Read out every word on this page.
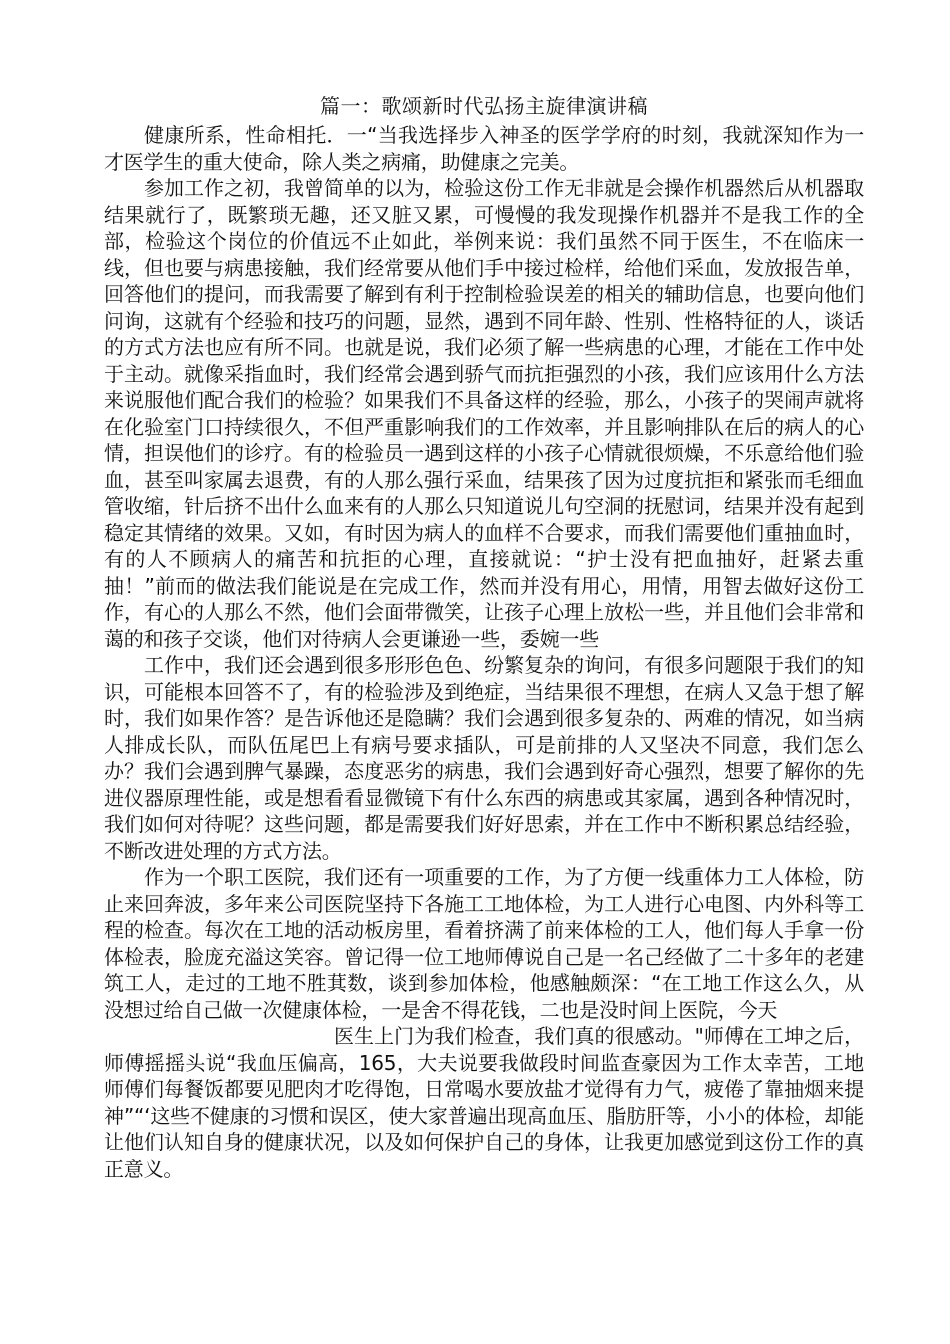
篇一：歌颂新时代弘扬主旋律演讲稿

健康所系，性命相托．一“当我选择步入神圣的医学学府的时刻，我就深知作为一才医学生的重大使命，除人类之病痛，助健康之完美。

参加工作之初，我曾简单的以为，检验这份工作无非就是会操作机器然后从机器取结果就行了，既繁琐无趣，还又脏又累，可慢慢的我发现操作机器并不是我工作的全部，检验这个岗位的价值远不止如此，举例来说：我们虽然不同于医生，不在临床一线，但也要与病患接触，我们经常要从他们手中接过检样，给他们采血，发放报告单，回答他们的提问，而我需要了解到有利于控制检验误差的相关的辅助信息，也要向他们问询，这就有个经验和技巧的问题，显然，遇到不同年龄、性别、性格特征的人，谈话的方式方法也应有所不同。也就是说，我们必须了解一些病患的心理，才能在工作中处于主动。就像采指血时，我们经常会遇到骄气而抗拒强烈的小孩，我们应该用什么方法来说服他们配合我们的检验？如果我们不具备这样的经验，那么，小孩子的哭闹声就将在化验室门口持续很久，不但严重影响我们的工作效率，并且影响排队在后的病人的心情，担误他们的诊疗。有的检验员一遇到这样的小孩子心情就很烦燥，不乐意给他们验血，甚至叫家属去退费，有的人那么强行采血，结果孩了因为过度抗拒和紧张而毛细血管收缩，针后挤不出什么血来有的人那么只知道说儿句空洞的抚慰词，结果并没有起到稳定其情绪的效果。又如，有时因为病人的血样不合要求，而我们需要他们重抽血时，有的人不顾病人的痛苦和抗拒的心理，直接就说：“护士没有把血抽好，赶紧去重抽！”前而的做法我们能说是在完成工作，然而并没有用心，用情，用智去做好这份工作，有心的人那么不然，他们会面带微笑，让孩子心理上放松一些，并且他们会非常和蔼的和孩子交谈，他们对待病人会更谦逊一些，委婉一些

工作中，我们还会遇到很多形形色色、纷繁复杂的询问，有很多问题限于我们的知识，可能根本回答不了，有的检验涉及到绝症，当结果很不理想，在病人又急于想了解时，我们如果作答？是告诉他还是隐瞒？我们会遇到很多复杂的、两难的情况，如当病人排成长队，而队伍尾巴上有病号要求插队，可是前排的人又坚决不同意，我们怎么办？我们会遇到脾气暴躁，态度恶劣的病患，我们会遇到好奇心强烈，想要了解你的先进仪器原理性能，或是想看看显微镜下有什么东西的病患或其家属，遇到各种情况时，我们如何对待呢？这些问题，都是需要我们好好思索，并在工作中不断积累总结经验，不断改进处理的方式方法。

作为一个职工医院，我们还有一项重要的工作，为了方便一线重体力工人体检，防止来回奔波，多年来公司医院坚持下各施工工地体检，为工人进行心电图、内外科等工程的检查。每次在工地的活动板房里，看着挤满了前来体检的工人，他们每人手拿一份体检表，脸庞充溢这笑容。曾记得一位工地师傅说自己是一名己经做了二十多年的老建筑工人，走过的工地不胜萁数，谈到参加体检，他感触颇深：“在工地工作这么久，从没想过给自己做一次健康体检，一是舍不得花钱，二也是没时间上医院，今天

医生上门为我们检查，我们真的很感动。"师傅在工坤之后，师傅摇摇头说“我血压偏高，165，大夫说要我做段时间监查豪因为工作太幸苦，工地师傅们每餐饭都要见肥肉才吃得饱，日常喝水要放盐才觉得有力气，疲倦了靠抽烟来提神”“‘这些不健康的习惯和误区，使大家普遍出现高血压、脂肪肝等，小小的体检，却能让他们认知自身的健康状况，以及如何保护自己的身体，让我更加感觉到这份工作的真正意义。
